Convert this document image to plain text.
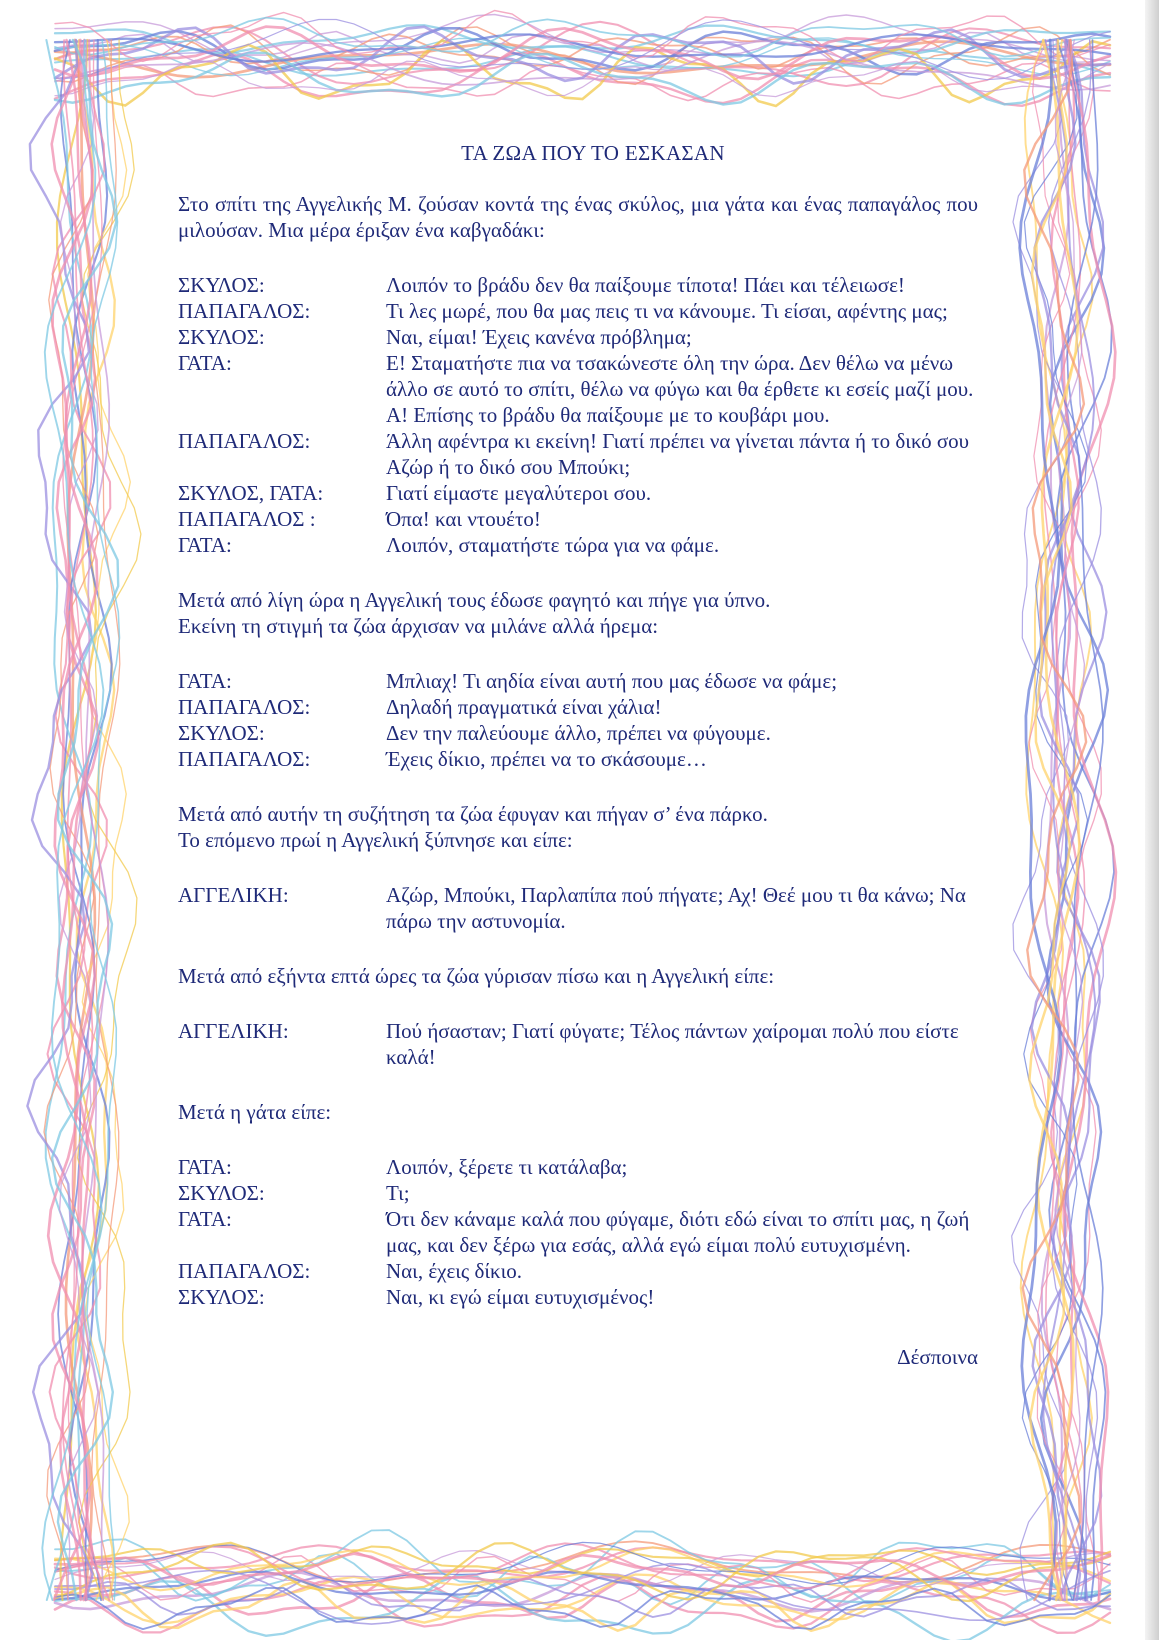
ΤΑ ΖΩΑ ΠΟΥ ΤΟ ΕΣΚΑΣΑΝ

Στο σπίτι της Αγγελικής Μ. ζούσαν κοντά της ένας σκύλος, μια γάτα και ένας παπαγάλος που μιλούσαν. Μια μέρα έριξαν ένα καβγαδάκι:

ΣΚΥΛΟΣ:	Λοιπόν το βράδυ δεν θα παίξουμε τίποτα! Πάει και τέλειωσε!
ΠΑΠΑΓΑΛΟΣ:	Τι λες μωρέ, που θα μας πεις τι να κάνουμε. Τι είσαι, αφέντης μας;
ΣΚΥΛΟΣ:	Ναι, είμαι! Έχεις κανένα πρόβλημα;
ΓΑΤΑ:	Ε! Σταματήστε πια να τσακώνεστε όλη την ώρα. Δεν θέλω να μένω άλλο σε αυτό το σπίτι, θέλω να φύγω και θα έρθετε κι εσείς μαζί μου. Α! Επίσης το βράδυ θα παίξουμε με το κουβάρι μου.
ΠΑΠΑΓΑΛΟΣ:	Άλλη αφέντρα κι εκείνη! Γιατί πρέπει να γίνεται πάντα ή το δικό σου Αζώρ ή το δικό σου Μπούκι;
ΣΚΥΛΟΣ, ΓΑΤΑ:	Γιατί είμαστε μεγαλύτεροι σου.
ΠΑΠΑΓΑΛΟΣ :	Όπα! και ντουέτο!
ΓΑΤΑ:	Λοιπόν, σταματήστε τώρα για να φάμε.

Μετά από λίγη ώρα η Αγγελική τους έδωσε φαγητό και πήγε για ύπνο.

Εκείνη τη στιγμή τα ζώα άρχισαν να μιλάνε αλλά ήρεμα:

ΓΑΤΑ:	Μπλιαχ! Τι αηδία είναι αυτή που μας έδωσε να φάμε;
ΠΑΠΑΓΑΛΟΣ:	Δηλαδή πραγματικά είναι χάλια!
ΣΚΥΛΟΣ:	Δεν την παλεύουμε άλλο, πρέπει να φύγουμε.
ΠΑΠΑΓΑΛΟΣ:	Έχεις δίκιο, πρέπει να το σκάσουμε…

Μετά από αυτήν τη συζήτηση τα ζώα έφυγαν και πήγαν σ’ ένα πάρκο.

Το επόμενο πρωί η Αγγελική ξύπνησε και είπε:

ΑΓΓΕΛΙΚΗ:	Αζώρ, Μπούκι, Παρλαπίπα πού πήγατε; Αχ! Θεέ μου τι θα κάνω; Να πάρω την αστυνομία.

Μετά από εξήντα επτά ώρες τα ζώα γύρισαν πίσω και η Αγγελική είπε:

ΑΓΓΕΛΙΚΗ:	Πού ήσασταν; Γιατί φύγατε; Τέλος πάντων χαίρομαι πολύ που είστε καλά!

Μετά η γάτα είπε:

ΓΑΤΑ:	Λοιπόν, ξέρετε τι κατάλαβα;
ΣΚΥΛΟΣ:	Τι;
ΓΑΤΑ:	Ότι δεν κάναμε καλά που φύγαμε, διότι εδώ είναι το σπίτι μας, η ζωή μας, και δεν ξέρω για εσάς, αλλά εγώ είμαι πολύ ευτυχισμένη.
ΠΑΠΑΓΑΛΟΣ:	Ναι, έχεις δίκιο.
ΣΚΥΛΟΣ:	Ναι, κι εγώ είμαι ευτυχισμένος!
Δέσποινα
